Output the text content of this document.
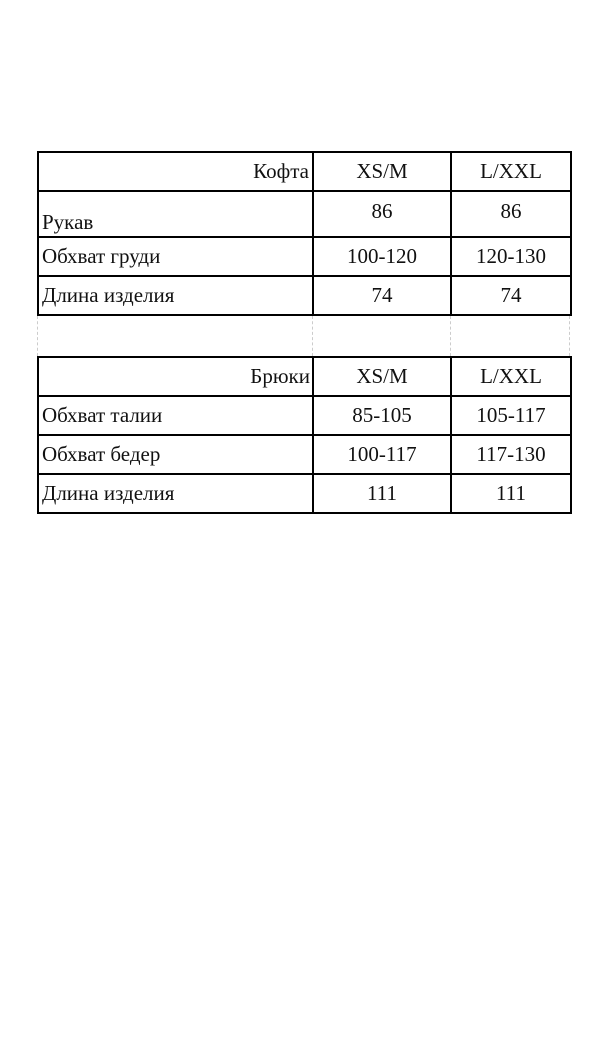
Кофта	XS/M	L/XXL
Рукав	86	86
Обхват груди	100-120	120-130
Длина изделия	74	74
Брюки	XS/M	L/XXL
Обхват талии	85-105	105-117
Обхват бедер	100-117	117-130
Длина изделия	111	111
